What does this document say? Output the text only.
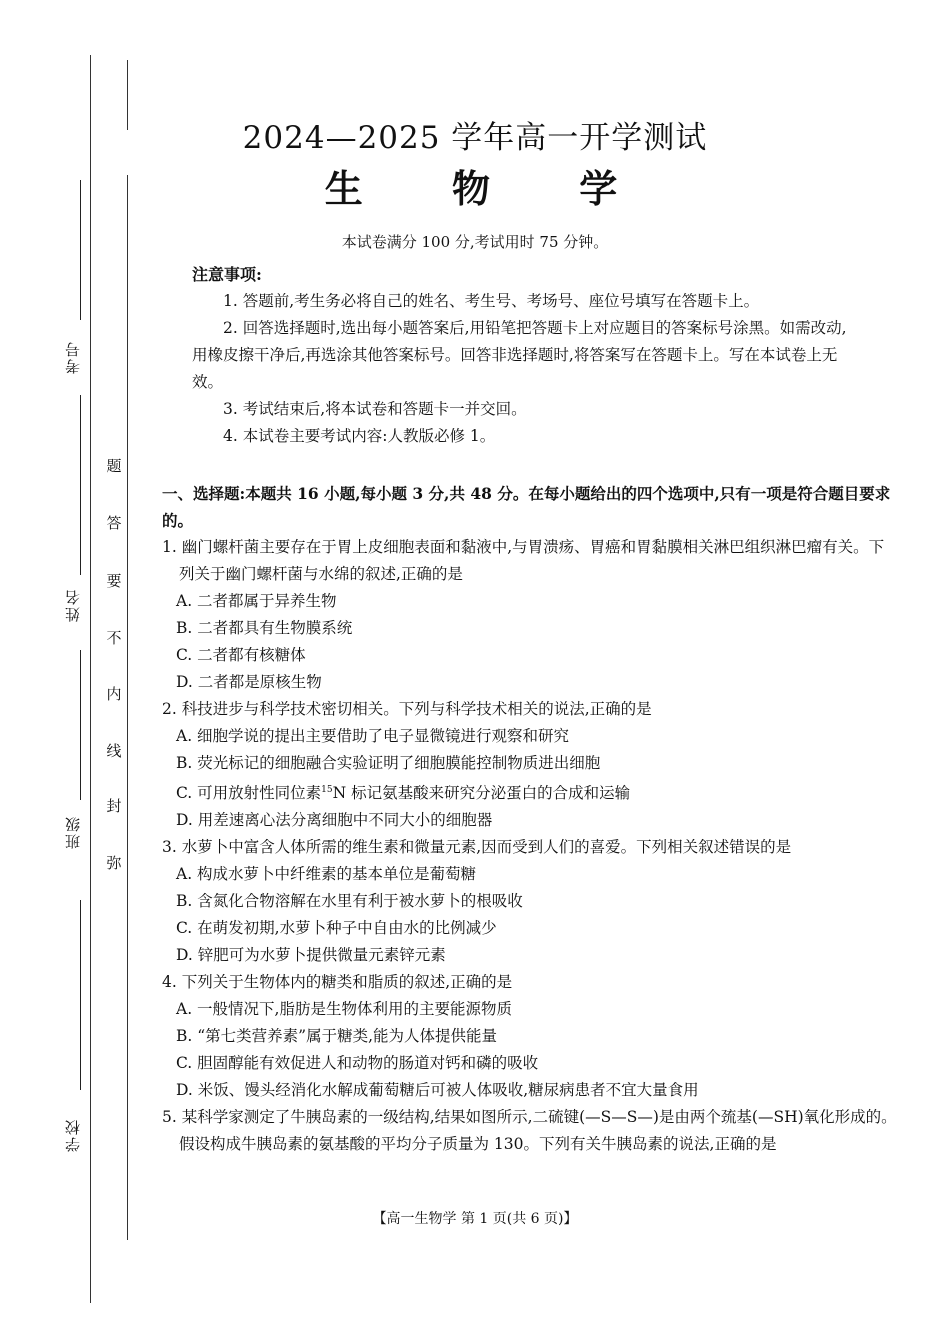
考号
姓名
班级
学校
题
答
要
不
内
线
封
弥
2024—2025 学年高一开学测试
生 物 学
本试卷满分 100 分,考试用时 75 分钟。
注意事项:
1. 答题前,考生务必将自己的姓名、考生号、考场号、座位号填写在答题卡上。
2. 回答选择题时,选出每小题答案后,用铅笔把答题卡上对应题目的答案标号涂黑。如需改动,用橡皮擦干净后,再选涂其他答案标号。回答非选择题时,将答案写在答题卡上。写在本试卷上无效。
3. 考试结束后,将本试卷和答题卡一并交回。
4. 本试卷主要考试内容:人教版必修 1。
一、选择题:本题共 16 小题,每小题 3 分,共 48 分。在每小题给出的四个选项中,只有一项是符合题目要求的。
1. 幽门螺杆菌主要存在于胃上皮细胞表面和黏液中,与胃溃疡、胃癌和胃黏膜相关淋巴组织淋巴瘤有关。下列关于幽门螺杆菌与水绵的叙述,正确的是
A. 二者都属于异养生物
B. 二者都具有生物膜系统
C. 二者都有核糖体
D. 二者都是原核生物
2. 科技进步与科学技术密切相关。下列与科学技术相关的说法,正确的是
A. 细胞学说的提出主要借助了电子显微镜进行观察和研究
B. 荧光标记的细胞融合实验证明了细胞膜能控制物质进出细胞
C. 可用放射性同位素$^{15}$N 标记氨基酸来研究分泌蛋白的合成和运输
D. 用差速离心法分离细胞中不同大小的细胞器
3. 水萝卜中富含人体所需的维生素和微量元素,因而受到人们的喜爱。下列相关叙述错误的是
A. 构成水萝卜中纤维素的基本单位是葡萄糖
B. 含氮化合物溶解在水里有利于被水萝卜的根吸收
C. 在萌发初期,水萝卜种子中自由水的比例减少
D. 锌肥可为水萝卜提供微量元素锌元素
4. 下列关于生物体内的糖类和脂质的叙述,正确的是
A. 一般情况下,脂肪是生物体利用的主要能源物质
B. “第七类营养素”属于糖类,能为人体提供能量
C. 胆固醇能有效促进人和动物的肠道对钙和磷的吸收
D. 米饭、馒头经消化水解成葡萄糖后可被人体吸收,糖尿病患者不宜大量食用
5. 某科学家测定了牛胰岛素的一级结构,结果如图所示,二硫键(—S—S—)是由两个巯基(—SH)氧化形成的。假设构成牛胰岛素的氨基酸的平均分子质量为 130。下列有关牛胰岛素的说法,正确的是
【高一生物学 第 1 页(共 6 页)】
